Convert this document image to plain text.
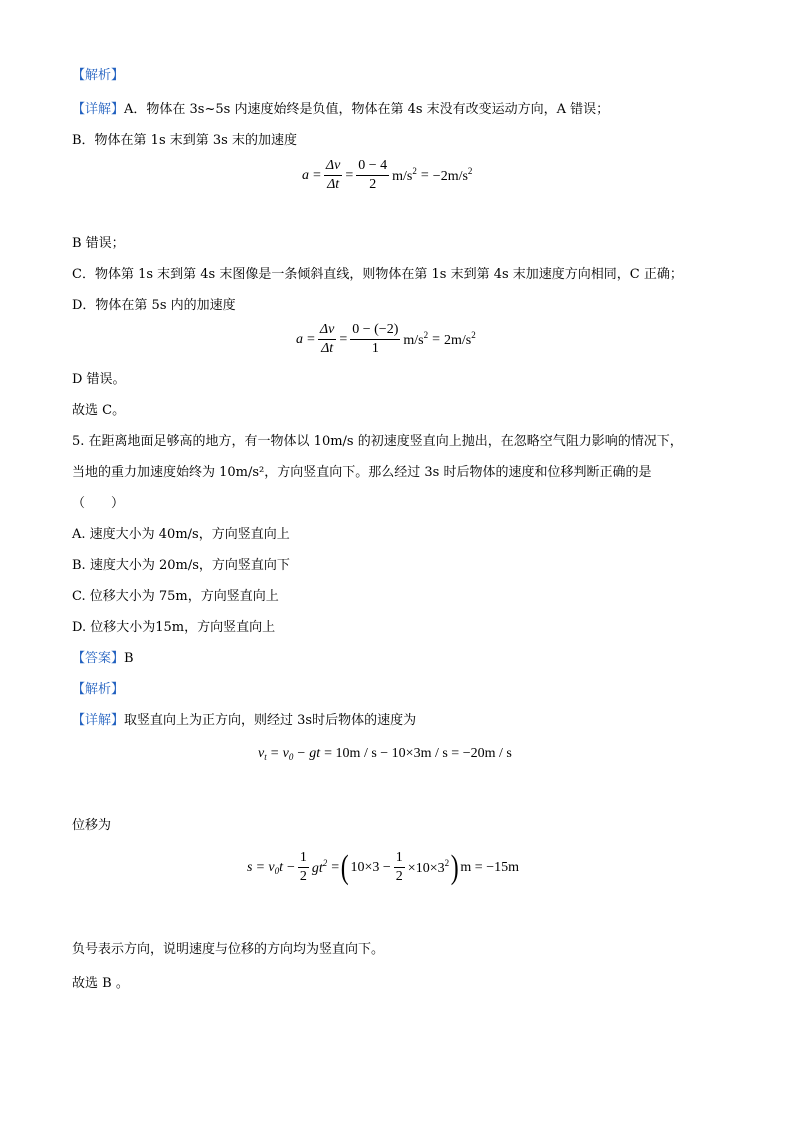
【解析】
【详解】A．物体在 3s~5s 内速度始终是负值，物体在第 4s 末没有改变运动方向，A 错误；
B．物体在第 1s 末到第 3s 末的加速度
$a = \frac{\Delta v}{\Delta t} = \frac{0 - 4}{2} m/s^2 = -2m/s^2$
B 错误；
C．物体第 1s 末到第 4s 末图像是一条倾斜直线，则物体在第 1s 末到第 4s 末加速度方向相同，C 正确；
D．物体在第 5s 内的加速度
$a = \frac{\Delta v}{\Delta t} = \frac{0 - (-2)}{1} m/s^2 = 2m/s^2$
D 错误。
故选 C。
5. 在距离地面足够高的地方，有一物体以 10m/s 的初速度竖直向上抛出，在忽略空气阻力影响的情况下，
当地的重力加速度始终为 10m/s²，方向竖直向下。那么经过 3s 时后物体的速度和位移判断正确的是
（　　）
A. 速度大小为 40m/s，方向竖直向上
B. 速度大小为 20m/s，方向竖直向下
C. 位移大小为 75m，方向竖直向上
D. 位移大小为15m，方向竖直向上
【答案】B
【解析】
【详解】取竖直向上为正方向，则经过 3s时后物体的速度为
$v_t = v_0$ − gt = 10m / s − 10×3m / s = −20m / s
位移为
$s = v_0t - \frac{1}{2} gt^2$ = ( $10\times 3 - \frac{1}{2} \times 10\times 3^2$ ) m = −15m
负号表示方向，说明速度与位移的方向均为竖直向下。
故选 B 。
